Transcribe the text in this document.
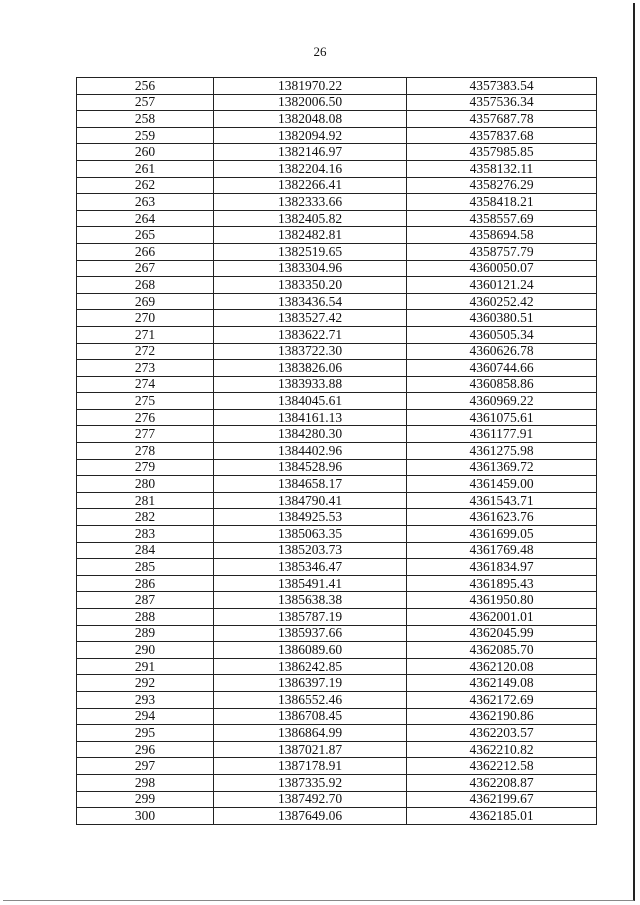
26
256	1381970.22	4357383.54
257	1382006.50	4357536.34
258	1382048.08	4357687.78
259	1382094.92	4357837.68
260	1382146.97	4357985.85
261	1382204.16	4358132.11
262	1382266.41	4358276.29
263	1382333.66	4358418.21
264	1382405.82	4358557.69
265	1382482.81	4358694.58
266	1382519.65	4358757.79
267	1383304.96	4360050.07
268	1383350.20	4360121.24
269	1383436.54	4360252.42
270	1383527.42	4360380.51
271	1383622.71	4360505.34
272	1383722.30	4360626.78
273	1383826.06	4360744.66
274	1383933.88	4360858.86
275	1384045.61	4360969.22
276	1384161.13	4361075.61
277	1384280.30	4361177.91
278	1384402.96	4361275.98
279	1384528.96	4361369.72
280	1384658.17	4361459.00
281	1384790.41	4361543.71
282	1384925.53	4361623.76
283	1385063.35	4361699.05
284	1385203.73	4361769.48
285	1385346.47	4361834.97
286	1385491.41	4361895.43
287	1385638.38	4361950.80
288	1385787.19	4362001.01
289	1385937.66	4362045.99
290	1386089.60	4362085.70
291	1386242.85	4362120.08
292	1386397.19	4362149.08
293	1386552.46	4362172.69
294	1386708.45	4362190.86
295	1386864.99	4362203.57
296	1387021.87	4362210.82
297	1387178.91	4362212.58
298	1387335.92	4362208.87
299	1387492.70	4362199.67
300	1387649.06	4362185.01
